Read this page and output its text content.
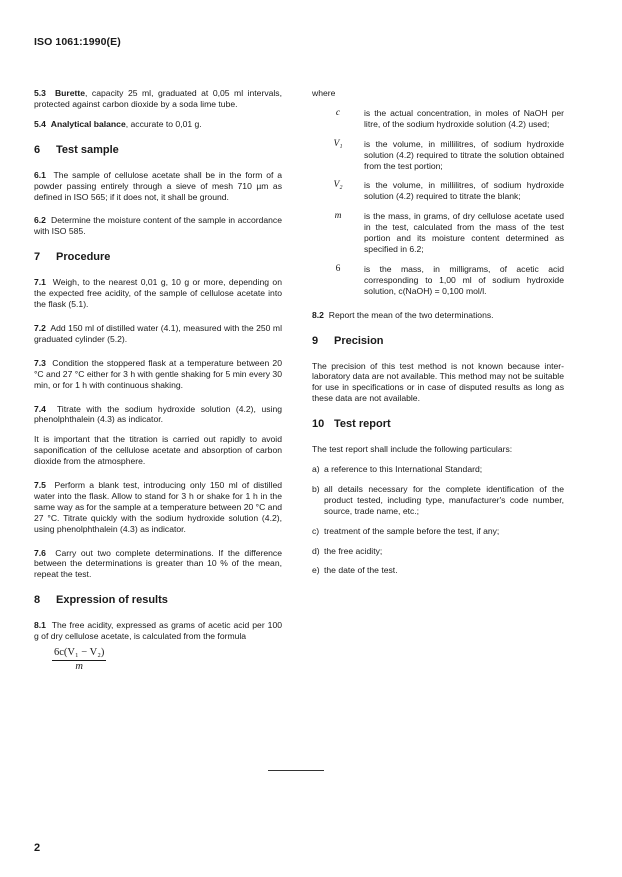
ISO 1061:1990(E)

5.3 Burette, capacity 25 ml, graduated at 0,05 ml intervals, protected against carbon dioxide by a soda lime tube.

5.4 Analytical balance, accurate to 0,01 g.

6 Test sample

6.1 The sample of cellulose acetate shall be in the form of a powder passing entirely through a sieve of mesh 710 µm as defined in ISO 565; if it does not, it shall be ground.

6.2 Determine the moisture content of the sample in accordance with ISO 585.

7 Procedure

7.1 Weigh, to the nearest 0,01 g, 10 g or more, depending on the expected free acidity, of the sample of cellulose acetate into the flask (5.1).

7.2 Add 150 ml of distilled water (4.1), measured with the 250 ml graduated cylinder (5.2).

7.3 Condition the stoppered flask at a temperature between 20 °C and 27 °C either for 3 h with gentle shaking for 5 min every 30 min, or for 1 h with continuous shaking.

7.4 Titrate with the sodium hydroxide solution (4.2), using phenolphthalein (4.3) as indicator.

It is important that the titration is carried out rapidly to avoid saponification of the cellulose acetate and absorption of carbon dioxide from the atmosphere.

7.5 Perform a blank test, introducing only 150 ml of distilled water into the flask. Allow to stand for 3 h or shake for 1 h in the same way as for the sample at a temperature between 20 °C and 27 °C. Titrate quickly with the sodium hydroxide solution (4.2), using phenolphthalein (4.3) as indicator.

7.6 Carry out two complete determinations. If the difference between the determinations is greater than 10 % of the mean, repeat the test.

8 Expression of results

8.1 The free acidity, expressed as grams of acetic acid per 100 g of dry cellulose acetate, is calculated from the formula

$\frac{\text{6c(V₁ − V₂)}}{m}$

where

c	is the actual concentration, in moles of NaOH per litre, of the sodium hydroxide solution (4.2) used;
V₁	is the volume, in millilitres, of sodium hydroxide solution (4.2) required to titrate the solution obtained from the test portion;
V₂	is the volume, in millilitres, of sodium hydroxide solution (4.2) required to titrate the blank;
m	is the mass, in grams, of dry cellulose acetate used in the test, calculated from the mass of the test portion and its moisture content determined as specified in 6.2;
6	is the mass, in milligrams, of acetic acid corresponding to 1,00 ml of sodium hydroxide solution, c(NaOH) = 0,100 mol/l.

8.2 Report the mean of the two determinations.

9 Precision

The precision of this test method is not known because inter-laboratory data are not available. This method may not be suitable for use in specifications or in case of disputed results as long as these data are not available.

10 Test report

The test report shall include the following particulars:

a) a reference to this International Standard;
b) all details necessary for the complete identification of the product tested, including type, manufacturer's code number, source, trade name, etc.;
c) treatment of the sample before the test, if any;
d) the free acidity;
e) the date of the test.
2
